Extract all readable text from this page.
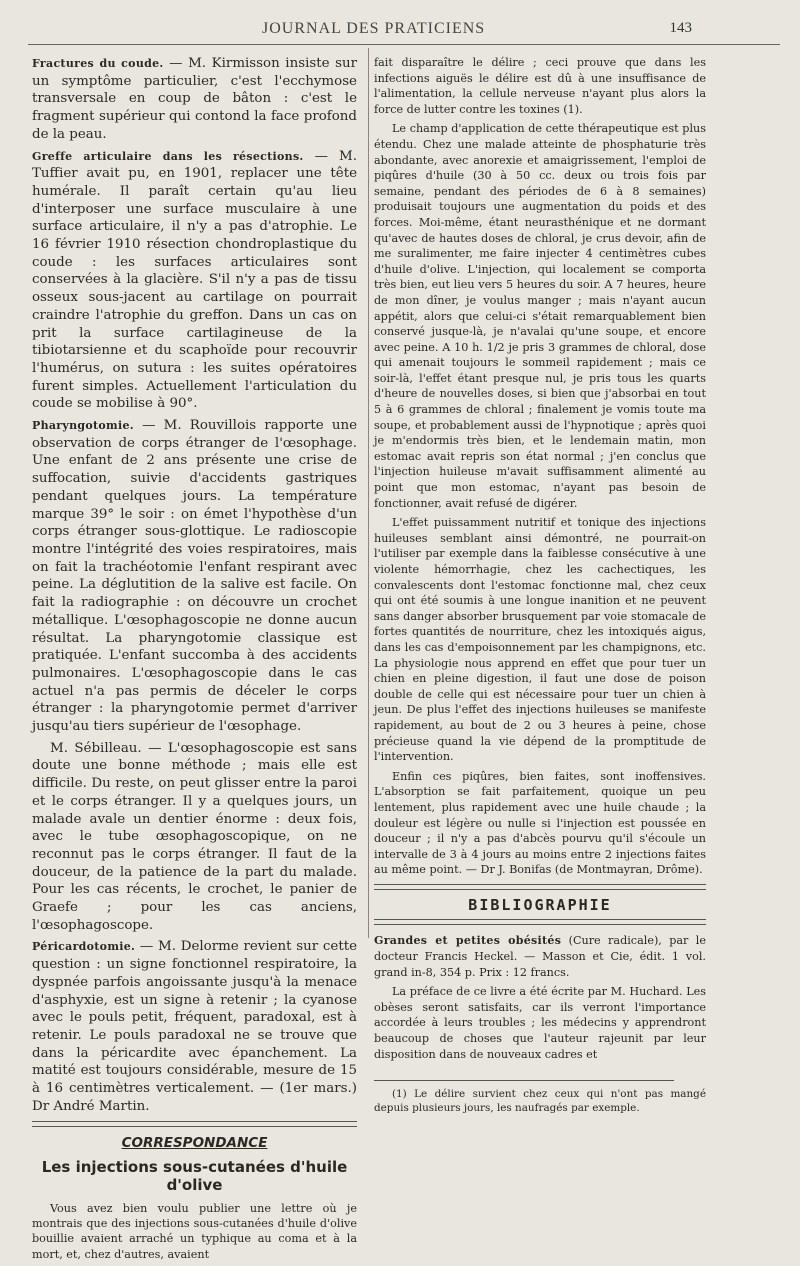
JOURNAL DES PRATICIENS	143

Fractures du coude. — M. Kirmisson insiste sur un symptôme particulier, c'est l'ecchymose transversale en coup de bâton : c'est le fragment supérieur qui contond la face profond de la peau.

Greffe articulaire dans les résections. — M. Tuffier avait pu, en 1901, replacer une tête humérale. Il paraît certain qu'au lieu d'interposer une surface musculaire à une surface articulaire, il n'y a pas d'atrophie. Le 16 février 1910 résection chondroplastique du coude : les surfaces articulaires sont conservées à la glacière. S'il n'y a pas de tissu osseux sous-jacent au cartilage on pourrait craindre l'atrophie du greffon. Dans un cas on prit la surface cartilagineuse de la tibiotarsienne et du scaphoïde pour recouvrir l'humérus, on sutura : les suites opératoires furent simples. Actuellement l'articulation du coude se mobilise à 90°.

Pharyngotomie. — M. Rouvillois rapporte une observation de corps étranger de l'œsophage. Une enfant de 2 ans présente une crise de suffocation, suivie d'accidents gastriques pendant quelques jours. La température marque 39° le soir : on émet l'hypothèse d'un corps étranger sous-glottique. Le radioscopie montre l'intégrité des voies respiratoires, mais on fait la trachéotomie l'enfant respirant avec peine. La déglutition de la salive est facile. On fait la radiographie : on découvre un crochet métallique. L'œsophagoscopie ne donne aucun résultat. La pharyngotomie classique est pratiquée. L'enfant succomba à des accidents pulmonaires. L'œsophagoscopie dans le cas actuel n'a pas permis de déceler le corps étranger : la pharyngotomie permet d'arriver jusqu'au tiers supérieur de l'œsophage.

M. Sébilleau. — L'œsophagoscopie est sans doute une bonne méthode ; mais elle est difficile. Du reste, on peut glisser entre la paroi et le corps étranger. Il y a quelques jours, un malade avale un dentier énorme : deux fois, avec le tube œsophagoscopique, on ne reconnut pas le corps étranger. Il faut de la douceur, de la patience de la part du malade. Pour les cas récents, le crochet, le panier de Graefe ; pour les cas anciens, l'œsophagoscope.

Péricardotomie. — M. Delorme revient sur cette question : un signe fonctionnel respiratoire, la dyspnée parfois angoissante jusqu'à la menace d'asphyxie, est un signe à retenir ; la cyanose avec le pouls petit, fréquent, paradoxal, est à retenir. Le pouls paradoxal ne se trouve que dans la péricardite avec épanchement. La matité est toujours considérable, mesure de 15 à 16 centimètres verticalement. — (1er mars.) Dr André Martin.

CORRESPONDANCE
Les injections sous-cutanées d'huile d'olive

Vous avez bien voulu publier une lettre où je montrais que des injections sous-cutanées d'huile d'olive bouillie avaient arraché un typhique au coma et à la mort, et, chez d'autres, avaient

fait disparaître le délire ; ceci prouve que dans les infections aiguës le délire est dû à une insuffisance de l'alimentation, la cellule nerveuse n'ayant plus alors la force de lutter contre les toxines (1).

Le champ d'application de cette thérapeutique est plus étendu. Chez une malade atteinte de phosphaturie très abondante, avec anorexie et amaigrissement, l'emploi de piqûres d'huile (30 à 50 cc. deux ou trois fois par semaine, pendant des périodes de 6 à 8 semaines) produisait toujours une augmentation du poids et des forces. Moi-même, étant neurasthénique et ne dormant qu'avec de hautes doses de chloral, je crus devoir, afin de me suralimenter, me faire injecter 4 centimètres cubes d'huile d'olive. L'injection, qui localement se comporta très bien, eut lieu vers 5 heures du soir. A 7 heures, heure de mon dîner, je voulus manger ; mais n'ayant aucun appétit, alors que celui-ci s'était remarquablement bien conservé jusque-là, je n'avalai qu'une soupe, et encore avec peine. A 10 h. 1/2 je pris 3 grammes de chloral, dose qui amenait toujours le sommeil rapidement ; mais ce soir-là, l'effet étant presque nul, je pris tous les quarts d'heure de nouvelles doses, si bien que j'absorbai en tout 5 à 6 grammes de chloral ; finalement je vomis toute ma soupe, et probablement aussi de l'hypnotique ; après quoi je m'endormis très bien, et le lendemain matin, mon estomac avait repris son état normal ; j'en conclus que l'injection huileuse m'avait suffisamment alimenté au point que mon estomac, n'ayant pas besoin de fonctionner, avait refusé de digérer.

L'effet puissamment nutritif et tonique des injections huileuses semblant ainsi démontré, ne pourrait-on l'utiliser par exemple dans la faiblesse consécutive à une violente hémorrhagie, chez les cachectiques, les convalescents dont l'estomac fonctionne mal, chez ceux qui ont été soumis à une longue inanition et ne peuvent sans danger absorber brusquement par voie stomacale de fortes quantités de nourriture, chez les intoxiqués aigus, dans les cas d'empoisonnement par les champignons, etc. La physiologie nous apprend en effet que pour tuer un chien en pleine digestion, il faut une dose de poison double de celle qui est nécessaire pour tuer un chien à jeun. De plus l'effet des injections huileuses se manifeste rapidement, au bout de 2 ou 3 heures à peine, chose précieuse quand la vie dépend de la promptitude de l'intervention.

Enfin ces piqûres, bien faites, sont inoffensives. L'absorption se fait parfaitement, quoique un peu lentement, plus rapidement avec une huile chaude ; la douleur est légère ou nulle si l'injection est poussée en douceur ; il n'y a pas d'abcès pourvu qu'il s'écoule un intervalle de 3 à 4 jours au moins entre 2 injections faites au même point. — Dr J. Bonifas (de Montmayran, Drôme).

BIBLIOGRAPHIE

Grandes et petites obésités (Cure radicale), par le docteur Francis Heckel. — Masson et Cie, édit. 1 vol. grand in-8, 354 p. Prix : 12 francs.

La préface de ce livre a été écrite par M. Huchard. Les obèses seront satisfaits, car ils verront l'importance accordée à leurs troubles ; les médecins y apprendront beaucoup de choses que l'auteur rajeunit par leur disposition dans de nouveaux cadres et

(1) Le délire survient chez ceux qui n'ont pas mangé depuis plusieurs jours, les naufragés par exemple.
